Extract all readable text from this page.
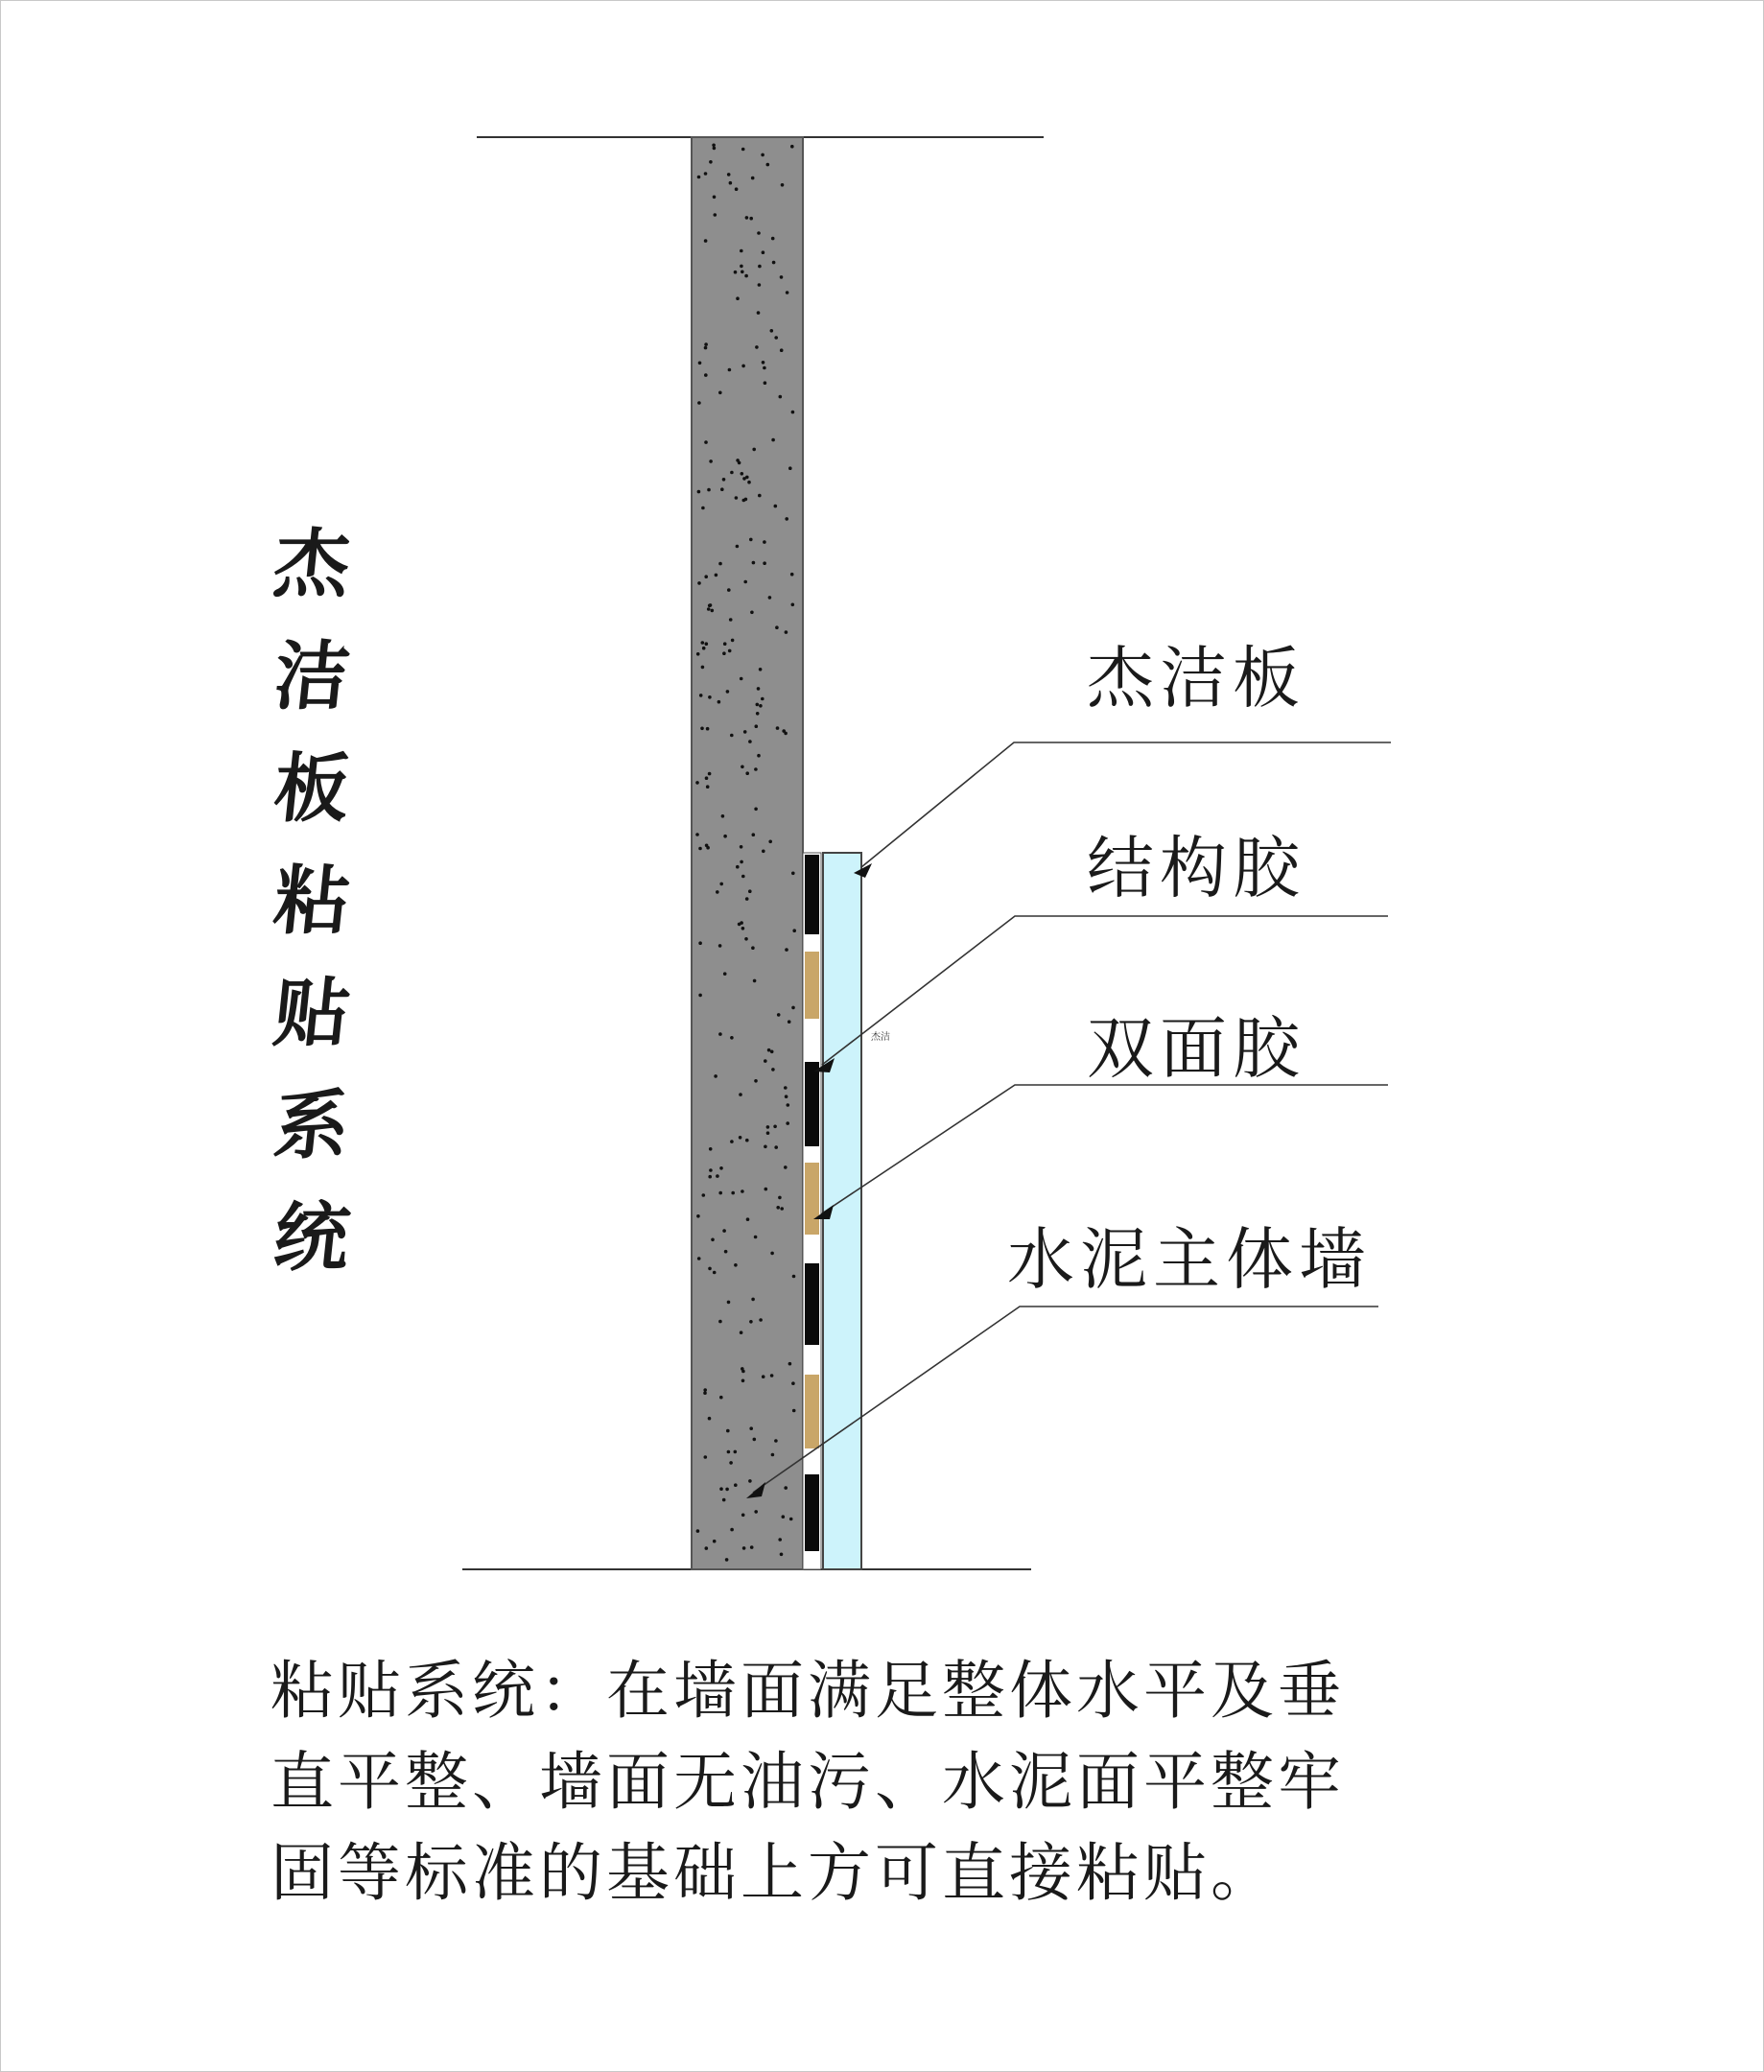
杰洁
杰
洁
板
粘
贴
系
统
杰洁板
结构胶
双面胶
水泥主体墙
粘贴系统：在墙面满足整体水平及垂
直平整、墙面无油污、水泥面平整牢
固等标准的基础上方可直接粘贴。
